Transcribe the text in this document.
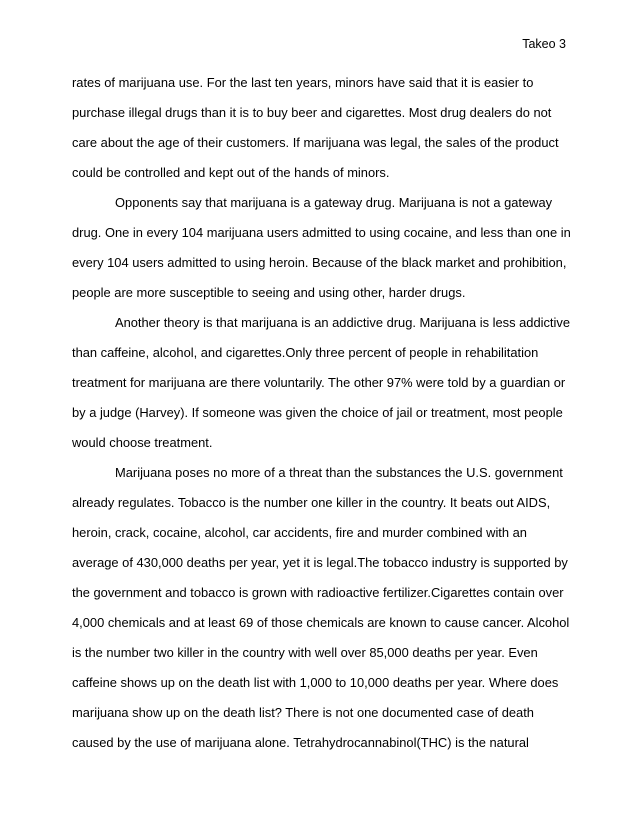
Takeo 3
rates of marijuana use. For the last ten years, minors have said that it is easier to
purchase illegal drugs than it is to buy beer and cigarettes. Most drug dealers do not
care about the age of their customers. If marijuana was legal, the sales of the product
could be controlled and kept out of the hands of minors.
Opponents say that marijuana is a gateway drug. Marijuana is not a gateway
drug. One in every 104 marijuana users admitted to using cocaine, and less than one in
every 104 users admitted to using heroin. Because of the black market and prohibition,
people are more susceptible to seeing and using other, harder drugs.
Another theory is that marijuana is an addictive drug. Marijuana is less addictive
than caffeine, alcohol, and cigarettes.Only three percent of people in rehabilitation
treatment for marijuana are there voluntarily. The other 97% were told by a guardian or
by a judge (Harvey). If someone was given the choice of jail or treatment, most people
would choose treatment.
Marijuana poses no more of a threat than the substances the U.S. government
already regulates. Tobacco is the number one killer in the country. It beats out AIDS,
heroin, crack, cocaine, alcohol, car accidents, fire and murder combined with an
average of 430,000 deaths per year, yet it is legal.The tobacco industry is supported by
the government and tobacco is grown with radioactive fertilizer.Cigarettes contain over
4,000 chemicals and at least 69 of those chemicals are known to cause cancer. Alcohol
is the number two killer in the country with well over 85,000 deaths per year. Even
caffeine shows up on the death list with 1,000 to 10,000 deaths per year. Where does
marijuana show up on the death list? There is not one documented case of death
caused by the use of marijuana alone. Tetrahydrocannabinol(THC) is the natural
